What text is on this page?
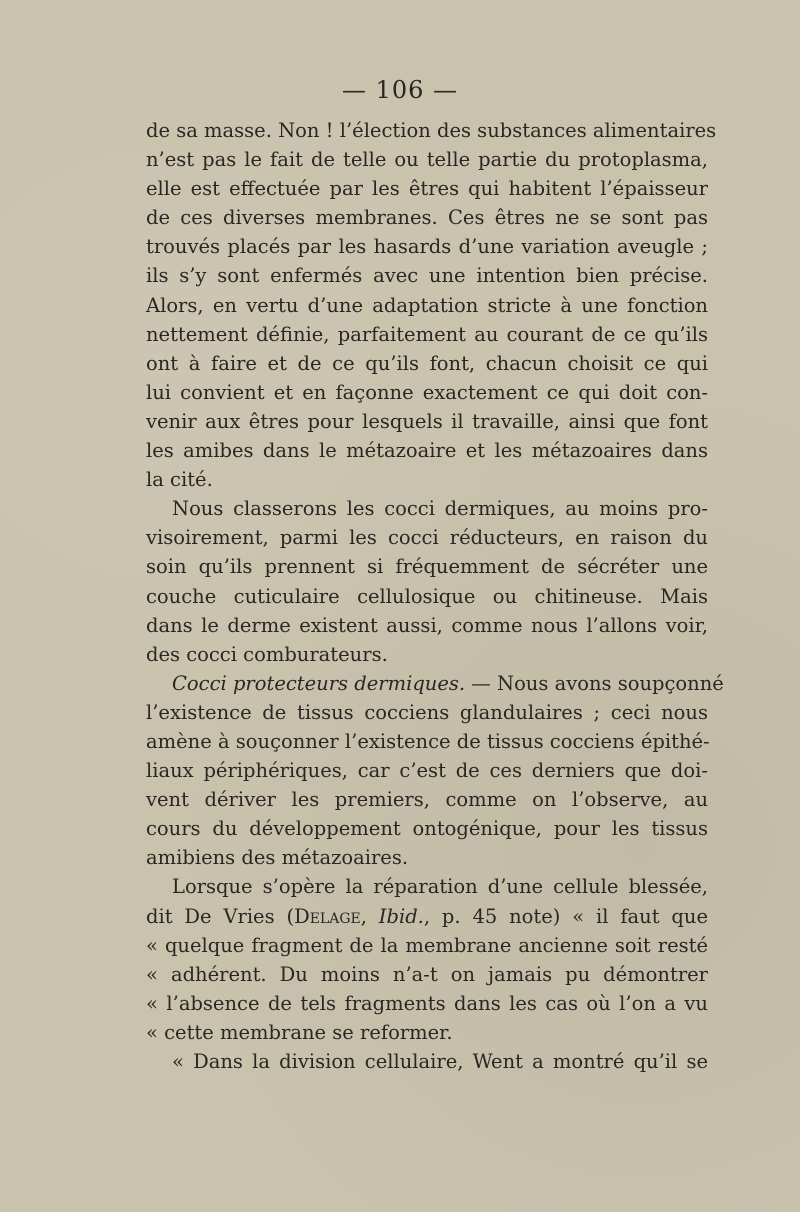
— 106 —
de sa masse. Non ! l’élection des substances alimentaires
n’est pas le fait de telle ou telle partie du protoplasma,
elle est effectuée par les êtres qui habitent l’épaisseur
de ces diverses membranes. Ces êtres ne se sont pas
trouvés placés par les hasards d’une variation aveugle ;
ils s’y sont enfermés avec une intention bien précise.
Alors, en vertu d’une adaptation stricte à une fonction
nettement définie, parfaitement au courant de ce qu’ils
ont à faire et de ce qu’ils font, chacun choisit ce qui
lui convient et en façonne exactement ce qui doit con-
venir aux êtres pour lesquels il travaille, ainsi que font
les amibes dans le métazoaire et les métazoaires dans
la cité.
Nous classerons les cocci dermiques, au moins pro-
visoirement, parmi les cocci réducteurs, en raison du
soin qu’ils prennent si fréquemment de sécréter une
couche cuticulaire cellulosique ou chitineuse. Mais
dans le derme existent aussi, comme nous l’allons voir,
des cocci comburateurs.
Cocci protecteurs dermiques. — Nous avons soupçonné
l’existence de tissus cocciens glandulaires ; ceci nous
amène à souçonner l’existence de tissus cocciens épithé-
liaux périphériques, car c’est de ces derniers que doi-
vent dériver les premiers, comme on l’observe, au
cours du développement ontogénique, pour les tissus
amibiens des métazoaires.
Lorsque s’opère la réparation d’une cellule blessée,
dit De Vries (Delage, Ibid., p. 45 note) « il faut que
« quelque fragment de la membrane ancienne soit resté
« adhérent. Du moins n’a-t on jamais pu démontrer
« l’absence de tels fragments dans les cas où l’on a vu
« cette membrane se reformer.
« Dans la division cellulaire, Went a montré qu’il se
